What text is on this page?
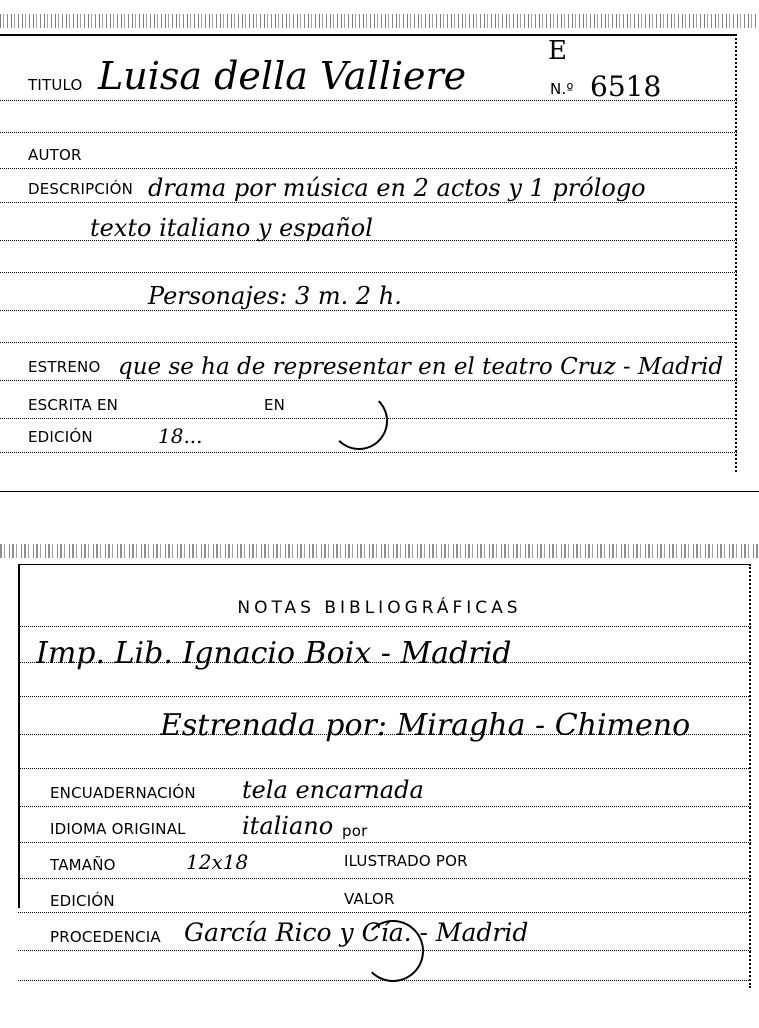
TITULO Luisa della Valliere
E
N.º 6518
AUTOR
DESCRIPCIÓN drama por música en 2 actos y 1 prólogo
texto italiano y español
Personajes: 3 m. 2 h.
ESTRENO que se ha de representar en el teatro Cruz - Madrid
ESCRITA EN	EN
EDICIÓN	18...
NOTAS BIBLIOGRÁFICAS
Imp. Lib. Ignacio Boix - Madrid
Estrenada por: Miragha - Chimeno
ENCUADERNACIÓN tela encarnada
IDIOMA ORIGINAL italiano por
TAMAÑO	12x18	ILUSTRADO POR
EDICIÓN	VALOR
PROCEDENCIA García Rico y Cía. - Madrid
